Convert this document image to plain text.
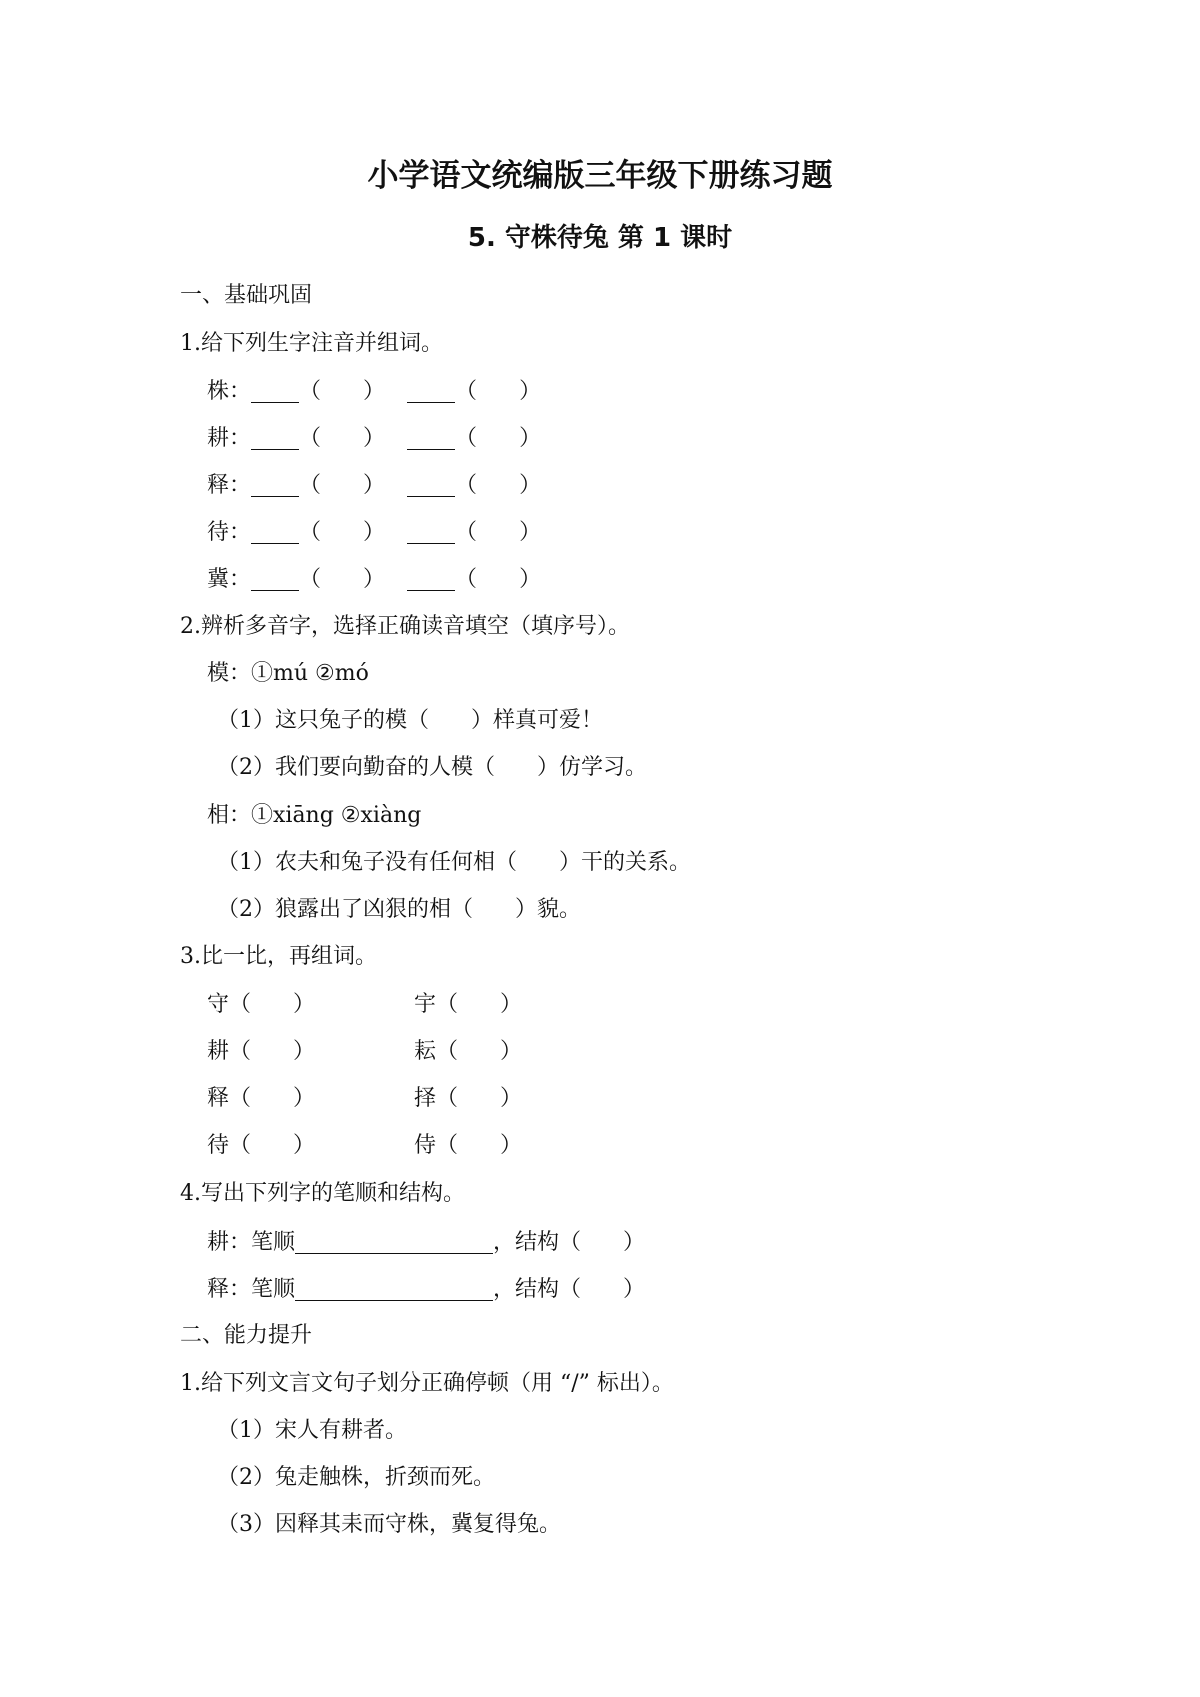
小学语文统编版三年级下册练习题
5. 守株待兔 第 1 课时
一、基础巩固
1.给下列生字注音并组词。
株： （ ）	（ ）
耕： （ ）	（ ）
释： （ ）	（ ）
待： （ ）	（ ）
冀： （ ）	（ ）
2.辨析多音字，选择正确读音填空（填序号）。
模：①mú ②mó
（1）这只兔子的模（ ）样真可爱！
（2）我们要向勤奋的人模（ ）仿学习。
相：①xiāng ②xiàng
（1）农夫和兔子没有任何相（ ）干的关系。
（2）狼露出了凶狠的相（ ）貌。
3.比一比，再组词。
守（ ）	宇（ ）
耕（ ）	耘（ ）
释（ ）	择（ ）
待（ ）	侍（ ）
4.写出下列字的笔顺和结构。
耕：笔顺	，结构（ ）
释：笔顺	，结构（ ）
二、能力提升
1.给下列文言文句子划分正确停顿（用 “/” 标出）。
（1）宋人有耕者。
（2）兔走触株，折颈而死。
（3）因释其耒而守株，冀复得兔。
